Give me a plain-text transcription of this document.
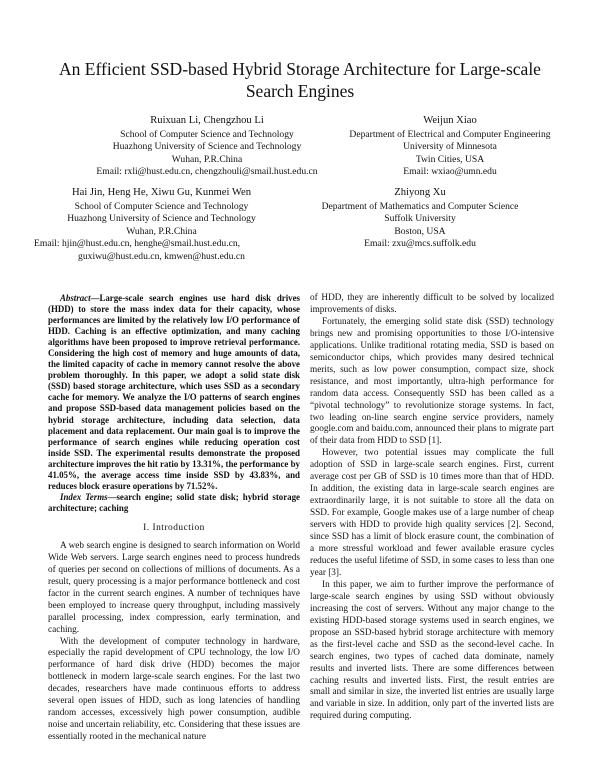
An Efficient SSD-based Hybrid Storage Architecture for Large-scale Search Engines
Ruixuan Li, Chengzhou Li
School of Computer Science and Technology
Huazhong University of Science and Technology
Wuhan, P.R.China
Email: rxli@hust.edu.cn, chengzhouli@smail.hust.edu.cn
Weijun Xiao
Department of Electrical and Computer Engineering
University of Minnesota
Twin Cities, USA
Email: wxiao@umn.edu
Hai Jin, Heng He, Xiwu Gu, Kunmei Wen
School of Computer Science and Technology
Huazhong University of Science and Technology
Wuhan, P.R.China
Email: hjin@hust.edu.cn, henghe@smail.hust.edu.cn,
guxiwu@hust.edu.cn, kmwen@hust.edu.cn
Zhiyong Xu
Department of Mathematics and Computer Science
Suffolk University
Boston, USA
Email: zxu@mcs.suffolk.edu

Abstract—Large-scale search engines use hard disk drives (HDD) to store the mass index data for their capacity, whose performances are limited by the relatively low I/O performance of HDD. Caching is an effective optimization, and many caching algorithms have been proposed to improve retrieval performance. Considering the high cost of memory and huge amounts of data, the limited capacity of cache in memory cannot resolve the above problem thoroughly. In this paper, we adopt a solid state disk (SSD) based storage architecture, which uses SSD as a secondary cache for memory. We analyze the I/O patterns of search engines and propose SSD-based data management policies based on the hybrid storage architecture, including data selection, data placement and data replacement. Our main goal is to improve the performance of search engines while reducing operation cost inside SSD. The experimental results demonstrate the proposed architecture improves the hit ratio by 13.31%, the performance by 41.05%, the average access time inside SSD by 43.83%, and reduces block erasure operations by 71.52%.

Index Terms—search engine; solid state disk; hybrid storage architecture; caching

I. Introduction

A web search engine is designed to search information on World Wide Web servers. Large search engines need to process hundreds of queries per second on collections of millions of documents. As a result, query processing is a major performance bottleneck and cost factor in the current search engines. A number of techniques have been employed to increase query throughput, including massively parallel processing, index compression, early termination, and caching.

With the development of computer technology in hardware, especially the rapid development of CPU technology, the low I/O performance of hard disk drive (HDD) becomes the major bottleneck in modern large-scale search engines. For the last two decades, researchers have made continuous efforts to address several open issues of HDD, such as long latencies of handling random accesses, excessively high power consumption, audible noise and uncertain reliability, etc. Considering that these issues are essentially rooted in the mechanical nature

of HDD, they are inherently difficult to be solved by localized improvements of disks.

Fortunately, the emerging solid state disk (SSD) technology brings new and promising opportunities to those I/O-intensive applications. Unlike traditional rotating media, SSD is based on semiconductor chips, which provides many desired technical merits, such as low power consumption, compact size, shock resistance, and most importantly, ultra-high performance for random data access. Consequently SSD has been called as a “pivotal technology” to revolutionize storage systems. In fact, two leading on-line search engine service providers, namely google.com and baidu.com, announced their plans to migrate part of their data from HDD to SSD [1].

However, two potential issues may complicate the full adoption of SSD in large-scale search engines. First, current average cost per GB of SSD is 10 times more than that of HDD. In addition, the existing data in large-scale search engines are extraordinarily large, it is not suitable to store all the data on SSD. For example, Google makes use of a large number of cheap servers with HDD to provide high quality services [2]. Second, since SSD has a limit of block erasure count, the combination of a more stressful workload and fewer available erasure cycles reduces the useful lifetime of SSD, in some cases to less than one year [3].

In this paper, we aim to further improve the performance of large-scale search engines by using SSD without obviously increasing the cost of servers. Without any major change to the existing HDD-based storage systems used in search engines, we propose an SSD-based hybrid storage architecture with memory as the first-level cache and SSD as the second-level cache. In search engines, two types of cached data dominate, namely results and inverted lists. There are some differences between caching results and inverted lists. First, the result entries are small and similar in size, the inverted list entries are usually large and variable in size. In addition, only part of the inverted lists are required during computing.
